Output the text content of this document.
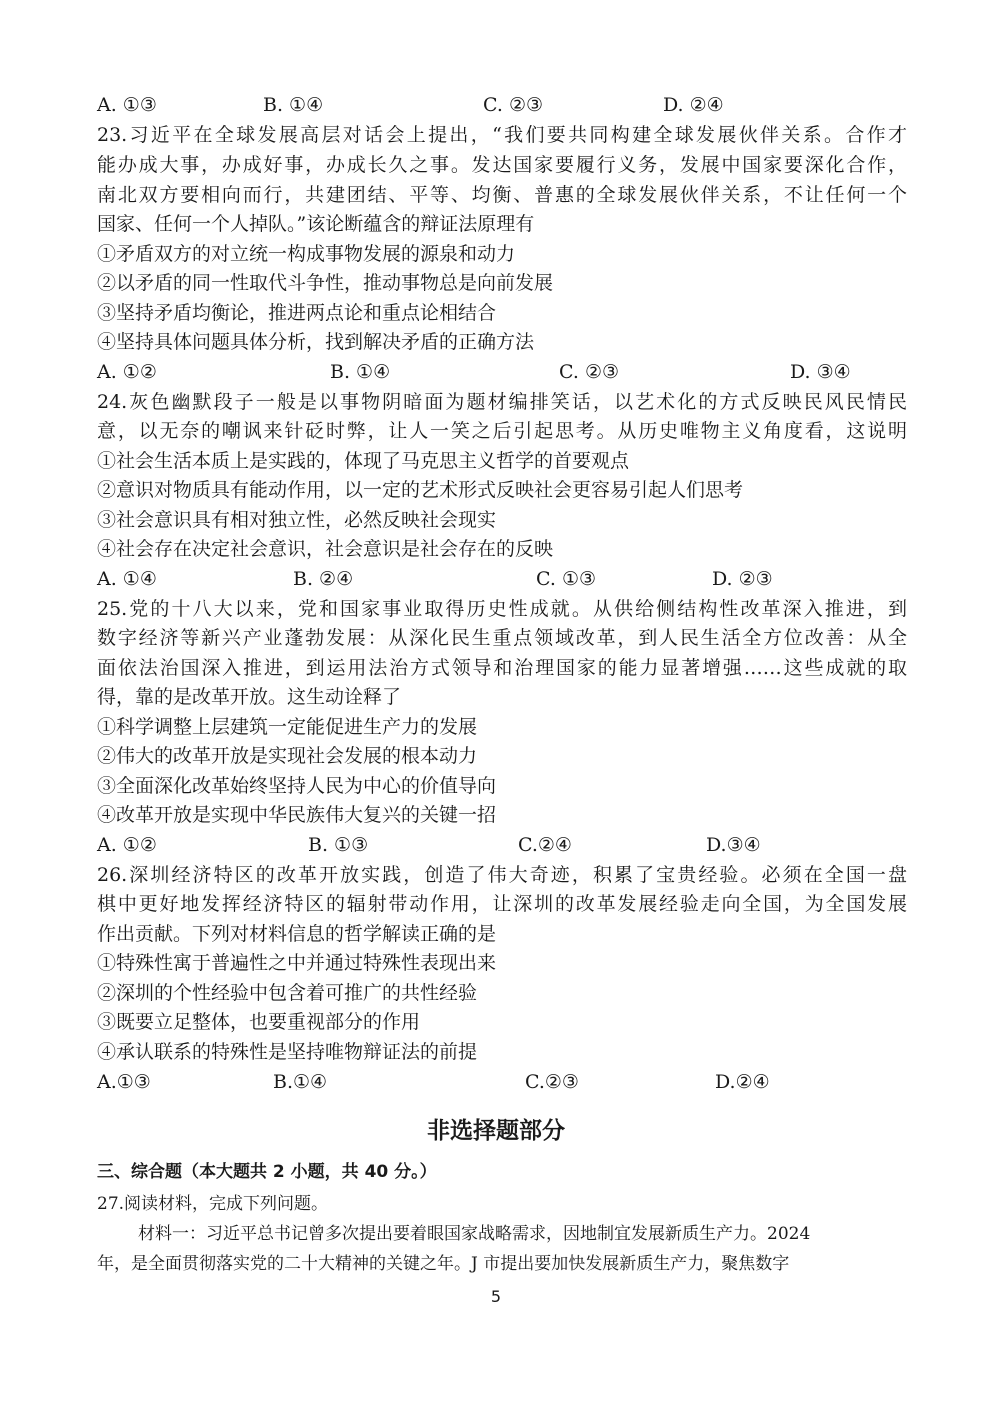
A. ①③	B. ①④	C. ②③	D. ②④
23.习近平在全球发展高层对话会上提出，“我们要共同构建全球发展伙伴关系。合作才
能办成大事，办成好事，办成长久之事。发达国家要履行义务，发展中国家要深化合作，
南北双方要相向而行，共建团结、平等、均衡、普惠的全球发展伙伴关系，不让任何一个
国家、任何一个人掉队。”该论断蕴含的辩证法原理有
①矛盾双方的对立统一构成事物发展的源泉和动力
②以矛盾的同一性取代斗争性，推动事物总是向前发展
③坚持矛盾均衡论，推进两点论和重点论相结合
④坚持具体问题具体分析，找到解决矛盾的正确方法
A. ①②	B. ①④	C. ②③	D. ③④
24.灰色幽默段子一般是以事物阴暗面为题材编排笑话，以艺术化的方式反映民风民情民
意，以无奈的嘲讽来针砭时弊，让人一笑之后引起思考。从历史唯物主义角度看，这说明
①社会生活本质上是实践的，体现了马克思主义哲学的首要观点
②意识对物质具有能动作用，以一定的艺术形式反映社会更容易引起人们思考
③社会意识具有相对独立性，必然反映社会现实
④社会存在决定社会意识，社会意识是社会存在的反映
A. ①④	B. ②④	C. ①③	D. ②③
25.党的十八大以来，党和国家事业取得历史性成就。从供给侧结构性改革深入推进，到
数字经济等新兴产业蓬勃发展：从深化民生重点领域改革，到人民生活全方位改善：从全
面依法治国深入推进，到运用法治方式领导和治理国家的能力显著增强……这些成就的取
得，靠的是改革开放。这生动诠释了
①科学调整上层建筑一定能促进生产力的发展
②伟大的改革开放是实现社会发展的根本动力
③全面深化改革始终坚持人民为中心的价值导向
④改革开放是实现中华民族伟大复兴的关键一招
A. ①②	B. ①③	C.②④	D.③④
26.深圳经济特区的改革开放实践，创造了伟大奇迹，积累了宝贵经验。必须在全国一盘
棋中更好地发挥经济特区的辐射带动作用，让深圳的改革发展经验走向全国，为全国发展
作出贡献。下列对材料信息的哲学解读正确的是
①特殊性寓于普遍性之中并通过特殊性表现出来
②深圳的个性经验中包含着可推广的共性经验
③既要立足整体，也要重视部分的作用
④承认联系的特殊性是坚持唯物辩证法的前提
A.①③	B.①④	C.②③	D.②④
非选择题部分
三、综合题（本大题共 2 小题，共 40 分。）
27.阅读材料，完成下列问题。
材料一：习近平总书记曾多次提出要着眼国家战略需求，因地制宜发展新质生产力。2024
年，是全面贯彻落实党的二十大精神的关键之年。J 市提出要加快发展新质生产力，聚焦数字
5
